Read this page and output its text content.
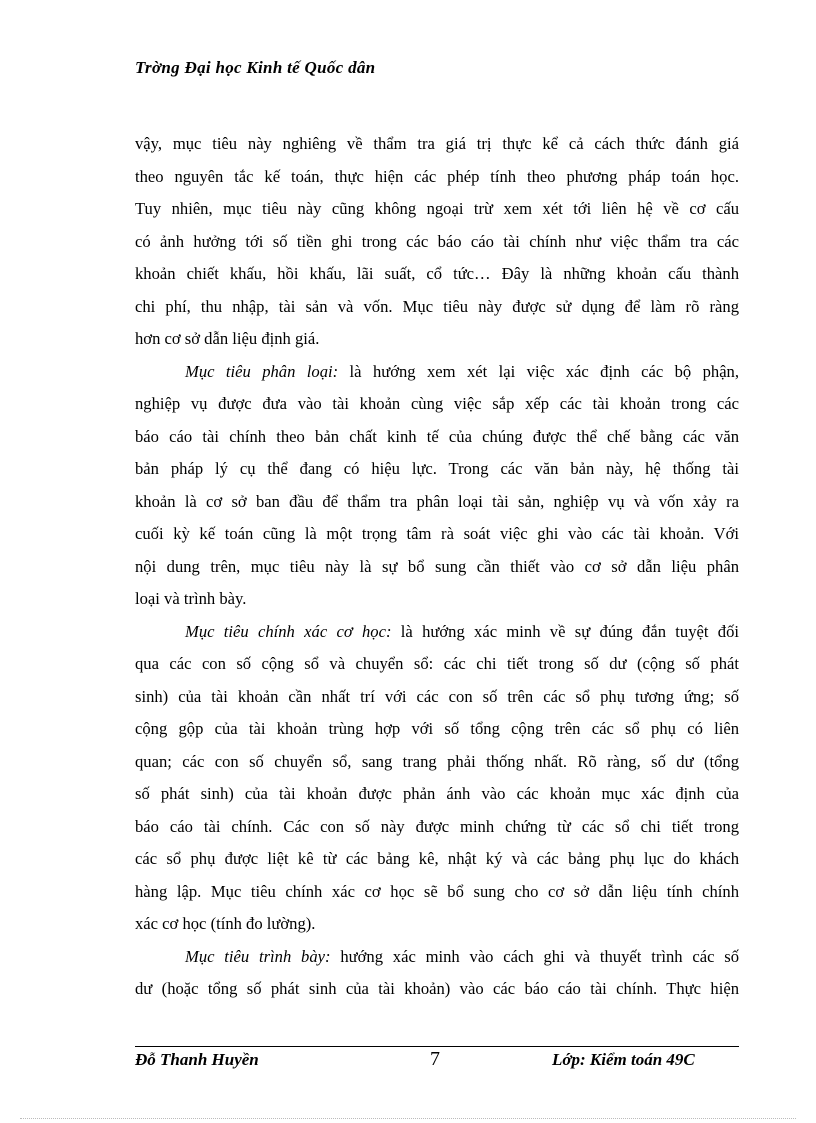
Trờng Đại học Kinh tế Quốc dân
vậy, mục tiêu này nghiêng về thẩm tra giá trị thực kể cả cách thức đánh giá
theo nguyên tắc kế toán, thực hiện các phép tính theo phương pháp toán học.
Tuy nhiên, mục tiêu này cũng không ngoại trừ xem xét tới liên hệ về cơ cấu
có ảnh hưởng tới số tiền ghi trong các báo cáo tài chính như việc thẩm tra các
khoản chiết khấu, hồi khấu, lãi suất, cổ tức… Đây là những khoản cấu thành
chi phí, thu nhập, tài sản và vốn. Mục tiêu này được sử dụng để làm rõ ràng
hơn cơ sở dẫn liệu định giá.
Mục tiêu phân loại: là hướng xem xét lại việc xác định các bộ phận,
nghiệp vụ được đưa vào tài khoản cùng việc sắp xếp các tài khoản trong các
báo cáo tài chính theo bản chất kinh tế của chúng được thể chế bằng các văn
bản pháp lý cụ thể đang có hiệu lực. Trong các văn bản này, hệ thống tài
khoản là cơ sở ban đầu để thẩm tra phân loại tài sản, nghiệp vụ và vốn xảy ra
cuối kỳ kế toán cũng là một trọng tâm rà soát việc ghi vào các tài khoản. Với
nội dung trên, mục tiêu này là sự bổ sung cần thiết vào cơ sở dẫn liệu phân
loại và trình bày.
Mục tiêu chính xác cơ học: là hướng xác minh về sự đúng đắn tuyệt đối
qua các con số cộng sổ và chuyển sổ: các chi tiết trong số dư (cộng số phát
sinh) của tài khoản cần nhất trí với các con số trên các sổ phụ tương ứng; số
cộng gộp của tài khoản trùng hợp với số tổng cộng trên các sổ phụ có liên
quan; các con số chuyển sổ, sang trang phải thống nhất. Rõ ràng, số dư (tổng
số phát sinh) của tài khoản được phản ánh vào các khoản mục xác định của
báo cáo tài chính. Các con số này được minh chứng từ các sổ chi tiết trong
các sổ phụ được liệt kê từ các bảng kê, nhật ký và các bảng phụ lục do khách
hàng lập. Mục tiêu chính xác cơ học sẽ bổ sung cho cơ sở dẫn liệu tính chính
xác cơ học (tính đo lường).
Mục tiêu trình bày: hướng xác minh vào cách ghi và thuyết trình các số
dư (hoặc tổng số phát sinh của tài khoản) vào các báo cáo tài chính. Thực hiện
Đỗ Thanh Huyền	7	Lớp: Kiểm toán 49C
